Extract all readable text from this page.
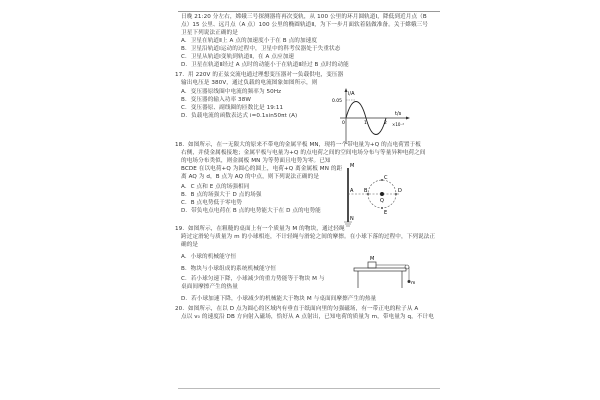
日晚 21:20 分左右，嫦娥三号探测器将再次变轨，从 100 公里的环月圆轨道Ⅰ，降低到近月点（B
点）15 公里、远月点（A 点）100 公里的椭圆轨道Ⅱ，为下一步月面软着陆做准备。关于嫦娥三号
卫星下列说法正确的是
A．卫星在轨道Ⅱ上 A 点的加速度小于在 B 点的加速度
B．卫星沿轨道Ⅰ运动的过程中，卫星中的科考仪器处于失重状态
C．卫星从轨道Ⅰ变轨到轨道Ⅱ，在 A 点应加速
D．卫星在轨道Ⅱ经过 A 点时的动能小于在轨道Ⅱ经过 B 点时的动能
17．用 220V 的正弦交流电通过理想变压器对一负载供电，变压器
输出电压是 380V，通过负载的电流图象如图所示，则
A．变压器原线圈中电流的频率为 50Hz
B．变压器的输入功率 38W
C．变压器原、副线圈的匝数比是 19:11
D．负载电流的函数表达式 i=0.1sin50πt (A)
i/A
0.05
0	1	2
t/s
×10⁻²
18．如图所示，在一无限大的原来不带电的金属平板 MN，现将一个带电量为+Q 的点电荷置于板
右侧，并使金属板接地；金属平板与电量为+Q 的点电荷之间的空间电场分布与等量异种电荷之间
的电场分布类似，则金属板 MN 为等势面且电势为零。已知
BCDE 在以电荷+Q 为圆心的圆上，电荷+Q 离金属板 MN 的距
离 AQ 为 d，B 点为 AQ 的中点，则下列说法正确的是
A．C 点和 E 点的场强相同
B．B 点的场强大于 D 点的场强
C．B 点电势低于零电势
D．带负电点电荷在 B 点的电势能大于在 D 点的电势能
M
N
A B
C
D
E
Q
19．如图所示，在粗糙的桌面上有一个质量为 M 的物块，通过轻绳
跨过定滑轮与质量为 m 的小球相连，不计轻绳与滑轮之间的摩擦。在小球下落的过程中，下列说法正
确的是
A．小球的机械能守恒
B．物块与小球组成的系统机械能守恒
C．若小球匀速下降，小球减少的重力势能等于物块 M 与
桌面间摩擦产生的热量
D．若小球加速下降，小球减少的机械能大于物块 M 与桌面间摩擦产生的热量
M
m
20．如图所示，在以 D 点为圆心的区域内有垂直于纸面向里的匀强磁场，有一带正电的粒子从 A
点以 v₀ 的速度沿 DB 方向射入磁场，恰好从 A 点射出，已知电荷的质量为 m，带电量为 q，不计电
